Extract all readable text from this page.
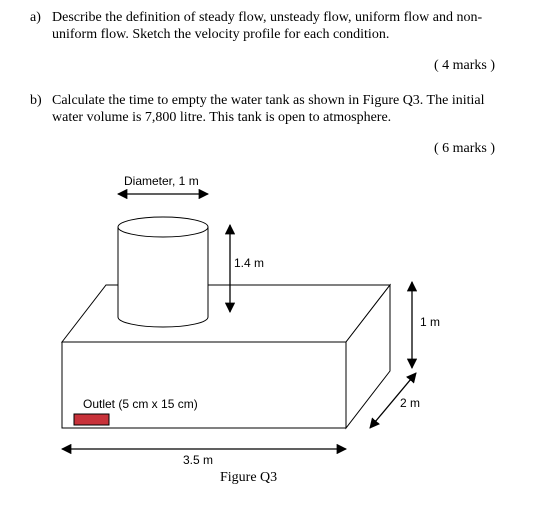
a) Describe the definition of steady flow, unsteady flow, uniform flow and non-
uniform flow. Sketch the velocity profile for each condition.
( 4 marks )
b) Calculate the time to empty the water tank as shown in Figure Q3. The initial
water volume is 7,800 litre. This tank is open to atmosphere.
( 6 marks )
Diameter, 1 m
1.4 m
1 m
2 m
Outlet (5 cm x 15 cm)
3.5 m
Figure Q3
